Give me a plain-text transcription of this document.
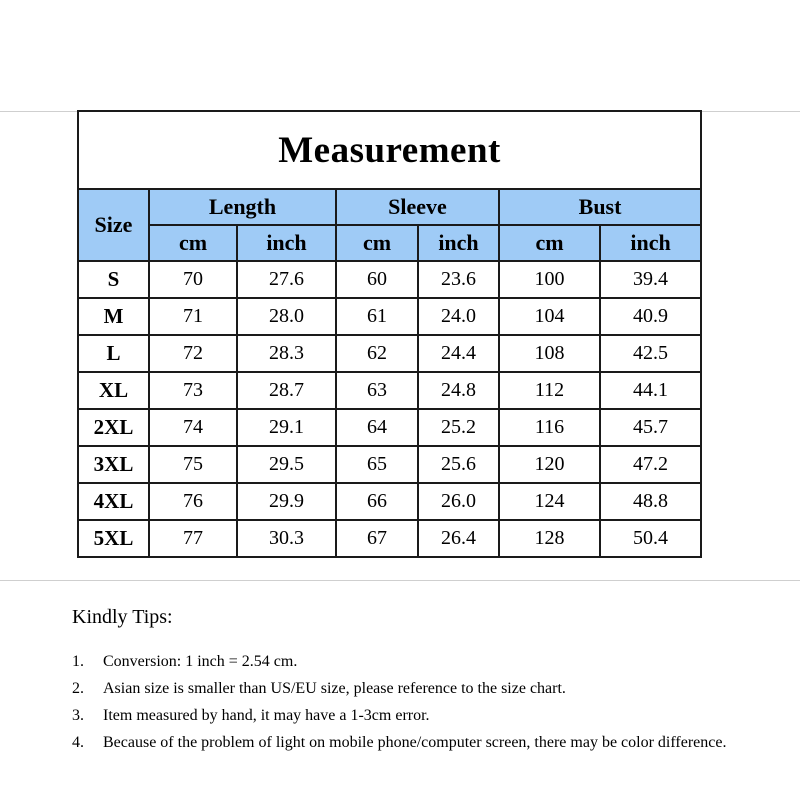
Measurement						
Size	Length		Sleeve		Bust	
	cm	inch	cm	inch	cm	inch
S	70	27.6	60	23.6	100	39.4
M	71	28.0	61	24.0	104	40.9
L	72	28.3	62	24.4	108	42.5
XL	73	28.7	63	24.8	112	44.1
2XL	74	29.1	64	25.2	116	45.7
3XL	75	29.5	65	25.6	120	47.2
4XL	76	29.9	66	26.0	124	48.8
5XL	77	30.3	67	26.4	128	50.4

Kindly Tips:

1.	Conversion: 1 inch = 2.54 cm.
2.	Asian size is smaller than US/EU size, please reference to the size chart.
3.	Item measured by hand, it may have a 1-3cm error.
4.	Because of the problem of light on mobile phone/computer screen, there may be color difference.
